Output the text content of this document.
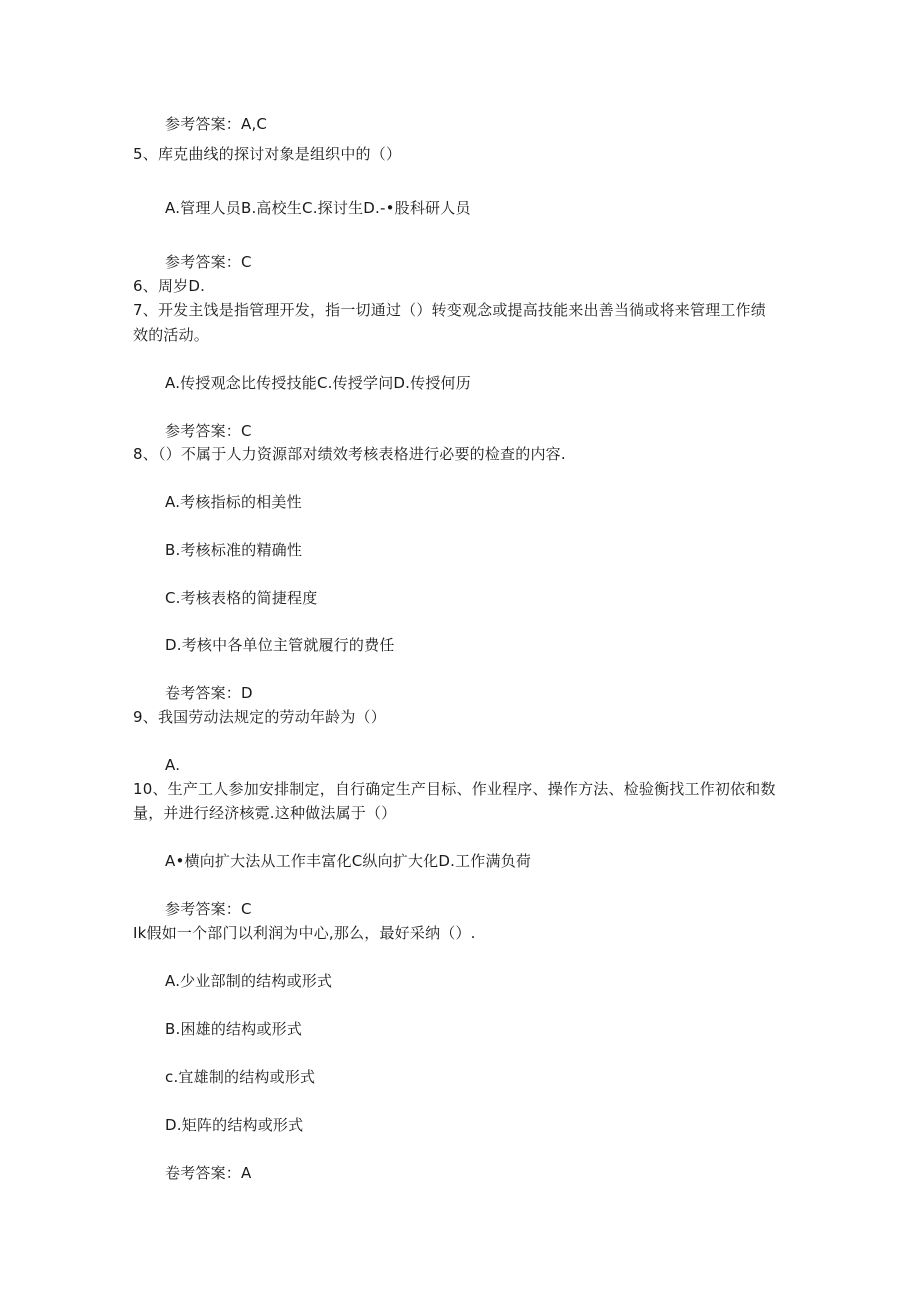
参考答案：A,C
5、库克曲线的探讨对象是组织中的（）
A.管理人员B.高校生C.探讨生D.-•股科研人员
参考答案：C
6、周岁D.
7、开发主饯是指管理开发，指一切通过（）转变观念或提高技能来出善当徜或将来管理工作绩
效的活动。
A.传授观念比传授技能C.传授学问D.传授何历
参考答案：C
8、（）不属于人力资源部对绩效考核表格进行必要的检查的内容.
A.考核指标的相美性
B.考核标准的精确性
C.考核表格的简捷程度
D.考核中各单位主管就履行的费任
卷考答案：D
9、我国劳动法规定的劳动年龄为（）
A.
10、生产工人参加安排制定，自行确定生产目标、作业程序、操作方法、检验衡找工作初依和数
量，并进行经济核霓.这种做法属于（）
A•横向扩大法从工作丰富化C纵向扩大化D.工作满负荷
参考答案：C
Ik假如一个部门以利润为中心,那么，最好采纳（）.
A.少业部制的结构或形式
B.困雄的结构或形式
c.宜雄制的结构或形式
D.矩阵的结构或形式
卷考答案：A
